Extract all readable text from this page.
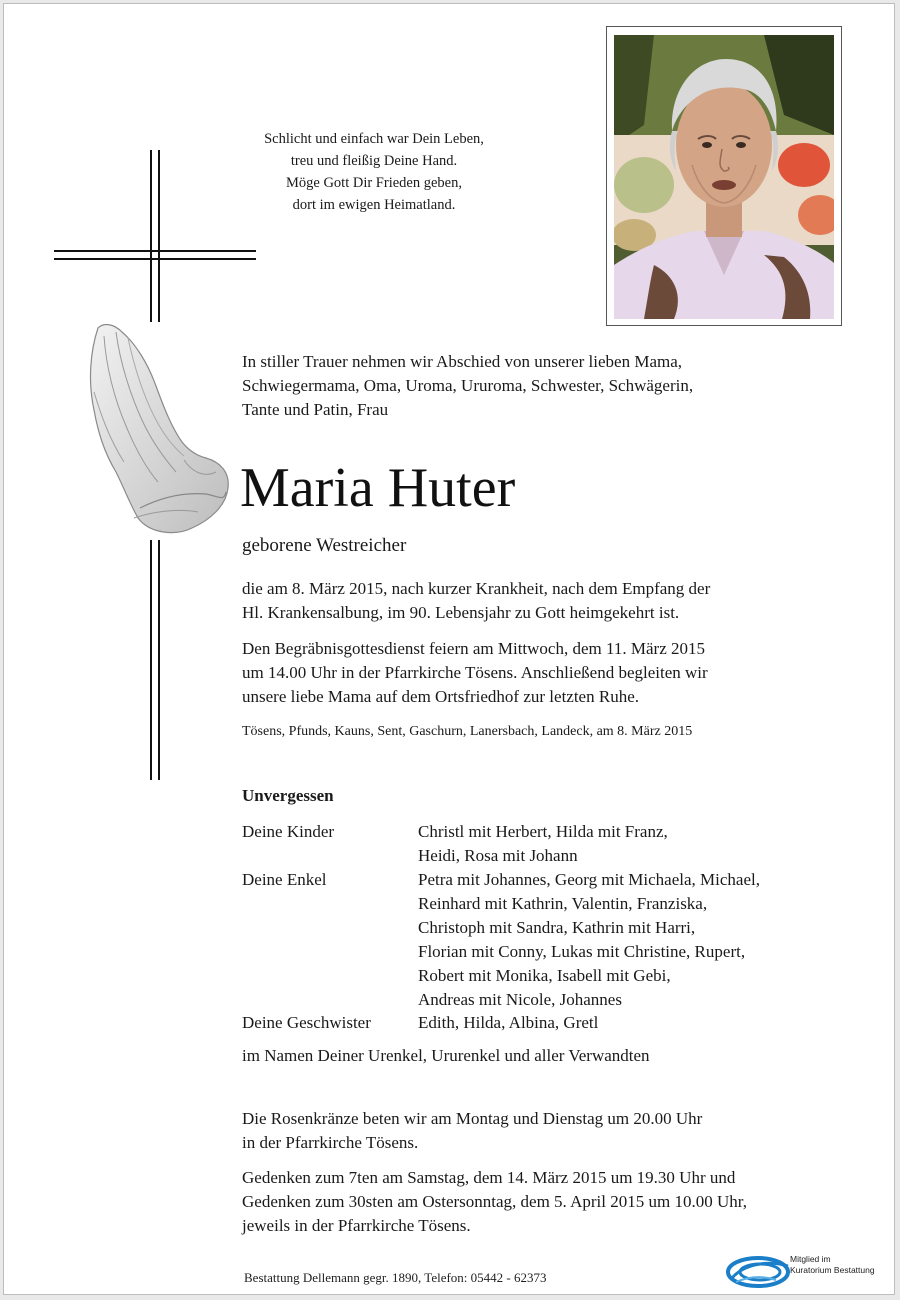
Schlicht und einfach war Dein Leben,
treu und fleißig Deine Hand.
Möge Gott Dir Frieden geben,
dort im ewigen Heimatland.
In stiller Trauer nehmen wir Abschied von unserer lieben Mama,
Schwiegermama, Oma, Uroma, Ururoma, Schwester, Schwägerin,
Tante und Patin, Frau
Maria Huter
geborene Westreicher
die am 8. März 2015, nach kurzer Krankheit, nach dem Empfang der
Hl. Krankensalbung, im 90. Lebensjahr zu Gott heimgekehrt ist.
Den Begräbnisgottesdienst feiern am Mittwoch, dem 11. März 2015
um 14.00 Uhr in der Pfarrkirche Tösens. Anschließend begleiten wir
unsere liebe Mama auf dem Ortsfriedhof zur letzten Ruhe.
Tösens, Pfunds, Kauns, Sent, Gaschurn, Lanersbach, Landeck, am 8. März 2015
Unvergessen
Deine Kinder	Christl mit Herbert, Hilda mit Franz,
Heidi, Rosa mit Johann
Deine Enkel	Petra mit Johannes, Georg mit Michaela, Michael,
Reinhard mit Kathrin, Valentin, Franziska,
Christoph mit Sandra, Kathrin mit Harri,
Florian mit Conny, Lukas mit Christine, Rupert,
Robert mit Monika, Isabell mit Gebi,
Andreas mit Nicole, Johannes
Deine Geschwister	Edith, Hilda, Albina, Gretl
im Namen Deiner Urenkel, Ururenkel und aller Verwandten
Die Rosenkränze beten wir am Montag und Dienstag um 20.00 Uhr
in der Pfarrkirche Tösens.
Gedenken zum 7ten am Samstag, dem 14. März 2015 um 19.30 Uhr und
Gedenken zum 30sten am Ostersonntag, dem 5. April 2015 um 10.00 Uhr,
jeweils in der Pfarrkirche Tösens.
Bestattung Dellemann gegr. 1890, Telefon: 05442 - 62373
Mitglied im
Kuratorium Bestattung
